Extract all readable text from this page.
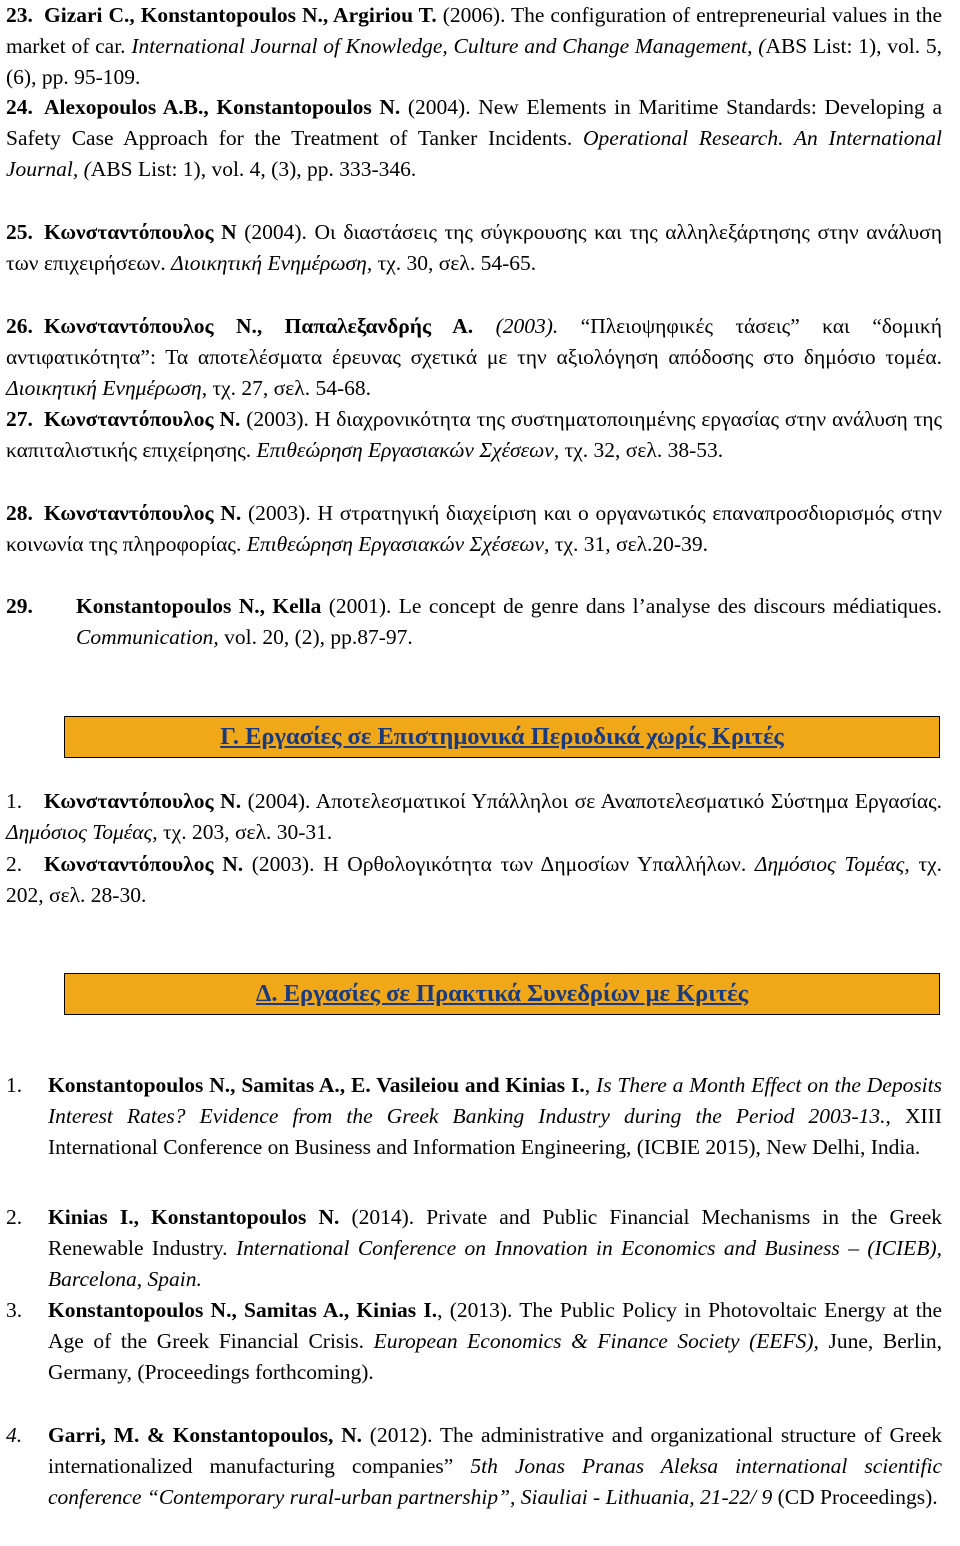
23. Gizari C., Konstantopoulos N., Argiriou T. (2006). The configuration of entrepreneurial values in the market of car. International Journal of Knowledge, Culture and Change Management, (ABS List: 1), vol. 5, (6), pp. 95-109.
24. Alexopoulos A.B., Konstantopoulos N. (2004). New Elements in Maritime Standards: Developing a Safety Case Approach for the Treatment of Tanker Incidents. Operational Research. An International Journal, (ABS List: 1), vol. 4, (3), pp. 333-346.
25. Κωνσταντόπουλος Ν (2004). Οι διαστάσεις της σύγκρουσης και της αλληλεξάρτησης στην ανάλυση των επιχειρήσεων. Διοικητική Ενημέρωση, τχ. 30, σελ. 54-65.
26. Κωνσταντόπουλος Ν., Παπαλεξανδρής Α. (2003). “Πλειοψηφικές τάσεις” και “δομική αντιφατικότητα”: Τα αποτελέσματα έρευνας σχετικά με την αξιολόγηση απόδοσης στο δημόσιο τομέα. Διοικητική Ενημέρωση, τχ. 27, σελ. 54-68.
27. Κωνσταντόπουλος Ν. (2003). Η διαχρονικότητα της συστηματοποιημένης εργασίας στην ανάλυση της καπιταλιστικής επιχείρησης. Επιθεώρηση Εργασιακών Σχέσεων, τχ. 32, σελ. 38-53.
28. Κωνσταντόπουλος Ν. (2003). Η στρατηγική διαχείριση και ο οργανωτικός επαναπροσδιορισμός στην κοινωνία της πληροφορίας. Επιθεώρηση Εργασιακών Σχέσεων, τχ. 31, σελ.20-39.
29. Konstantopoulos N., Kella (2001). Le concept de genre dans l’analyse des discours médiatiques. Communication, vol. 20, (2), pp.87-97.
Γ. Εργασίες σε Επιστημονικά Περιοδικά χωρίς Κριτές
1. Κωνσταντόπουλος Ν. (2004). Αποτελεσματικοί Υπάλληλοι σε Αναποτελεσματικό Σύστημα Εργασίας. Δημόσιος Τομέας, τχ. 203, σελ. 30-31.
2. Κωνσταντόπουλος Ν. (2003). Η Ορθολογικότητα των Δημοσίων Υπαλλήλων. Δημόσιος Τομέας, τχ. 202, σελ. 28-30.
Δ. Εργασίες σε Πρακτικά Συνεδρίων με Κριτές
1.	Konstantopoulos N., Samitas A., E. Vasileiou and Kinias I., Is There a Month Effect on the Deposits Interest Rates? Evidence from the Greek Banking Industry during the Period 2003-13., XIII International Conference on Business and Information Engineering, (ICBIE 2015), New Delhi, India.
2.	Kinias I., Konstantopoulos N. (2014). Private and Public Financial Mechanisms in the Greek Renewable Industry. International Conference on Innovation in Economics and Business – (ICIEB), Barcelona, Spain.
3.	Konstantopoulos N., Samitas A., Kinias I., (2013). The Public Policy in Photovoltaic Energy at the Age of the Greek Financial Crisis. European Economics & Finance Society (EEFS), June, Berlin, Germany, (Proceedings forthcoming).
4.	Garri, M. & Konstantopoulos, N. (2012). The administrative and organizational structure of Greek internationalized manufacturing companies” 5th Jonas Pranas Aleksa international scientific conference “Contemporary rural-urban partnership”, Siauliai - Lithuania, 21-22/ 9 (CD Proceedings).
